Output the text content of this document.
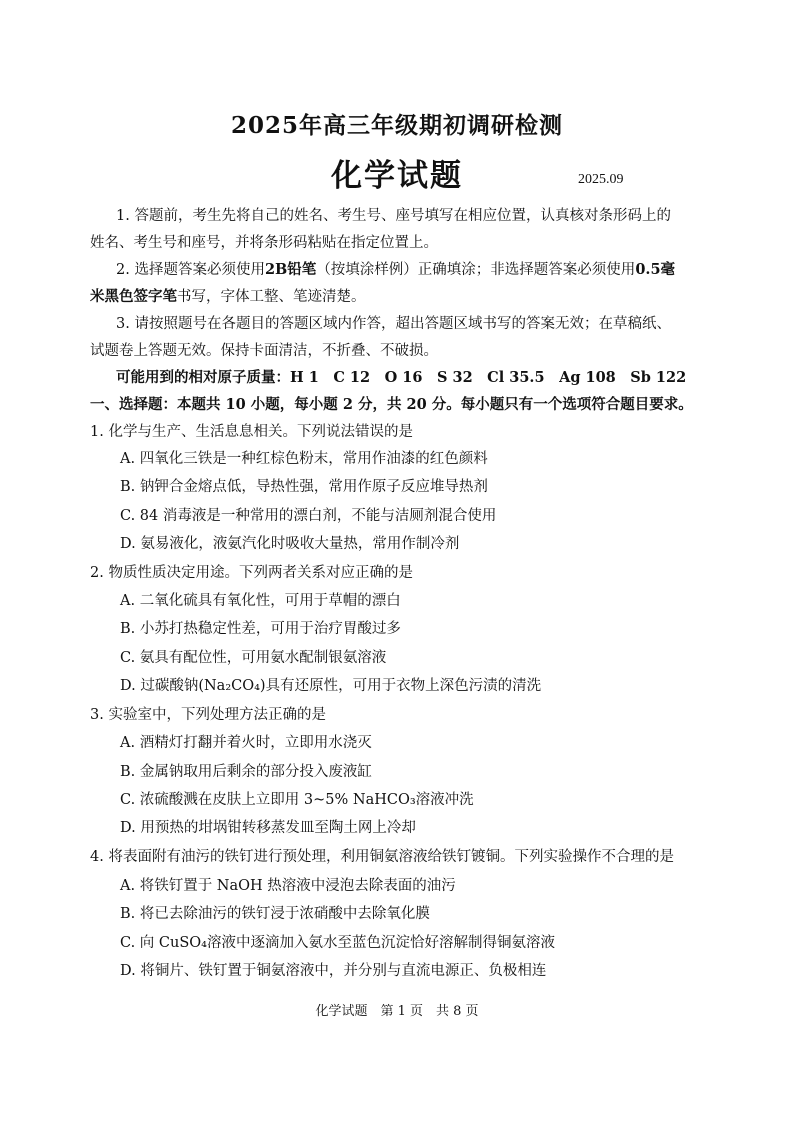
2025年高三年级期初调研检测
化学试题	2025.09
1. 答题前，考生先将自己的姓名、考生号、座号填写在相应位置，认真核对条形码上的
姓名、考生号和座号，并将条形码粘贴在指定位置上。
2. 选择题答案必须使用2B铅笔（按填涂样例）正确填涂；非选择题答案必须使用0.5毫
米黑色签字笔书写，字体工整、笔迹清楚。
3. 请按照题号在各题目的答题区域内作答，超出答题区域书写的答案无效；在草稿纸、
试题卷上答题无效。保持卡面清洁，不折叠、不破损。
可能用到的相对原子质量：H 1　C 12　O 16　S 32　Cl 35.5　Ag 108　Sb 122
一、选择题：本题共 10 小题，每小题 2 分，共 20 分。每小题只有一个选项符合题目要求。
1. 化学与生产、生活息息相关。下列说法错误的是
A. 四氧化三铁是一种红棕色粉末，常用作油漆的红色颜料
B. 钠钾合金熔点低，导热性强，常用作原子反应堆导热剂
C. 84 消毒液是一种常用的漂白剂，不能与洁厕剂混合使用
D. 氨易液化，液氨汽化时吸收大量热，常用作制冷剂
2. 物质性质决定用途。下列两者关系对应正确的是
A. 二氧化硫具有氧化性，可用于草帽的漂白
B. 小苏打热稳定性差，可用于治疗胃酸过多
C. 氨具有配位性，可用氨水配制银氨溶液
D. 过碳酸钠(Na₂CO₄)具有还原性，可用于衣物上深色污渍的清洗
3. 实验室中，下列处理方法正确的是
A. 酒精灯打翻并着火时，立即用水浇灭
B. 金属钠取用后剩余的部分投入废液缸
C. 浓硫酸溅在皮肤上立即用 3~5% NaHCO₃溶液冲洗
D. 用预热的坩埚钳转移蒸发皿至陶土网上冷却
4. 将表面附有油污的铁钉进行预处理，利用铜氨溶液给铁钉镀铜。下列实验操作不合理的是
A. 将铁钉置于 NaOH 热溶液中浸泡去除表面的油污
B. 将已去除油污的铁钉浸于浓硝酸中去除氧化膜
C. 向 CuSO₄溶液中逐滴加入氨水至蓝色沉淀恰好溶解制得铜氨溶液
D. 将铜片、铁钉置于铜氨溶液中，并分别与直流电源正、负极相连
化学试题　第 1 页　共 8 页
